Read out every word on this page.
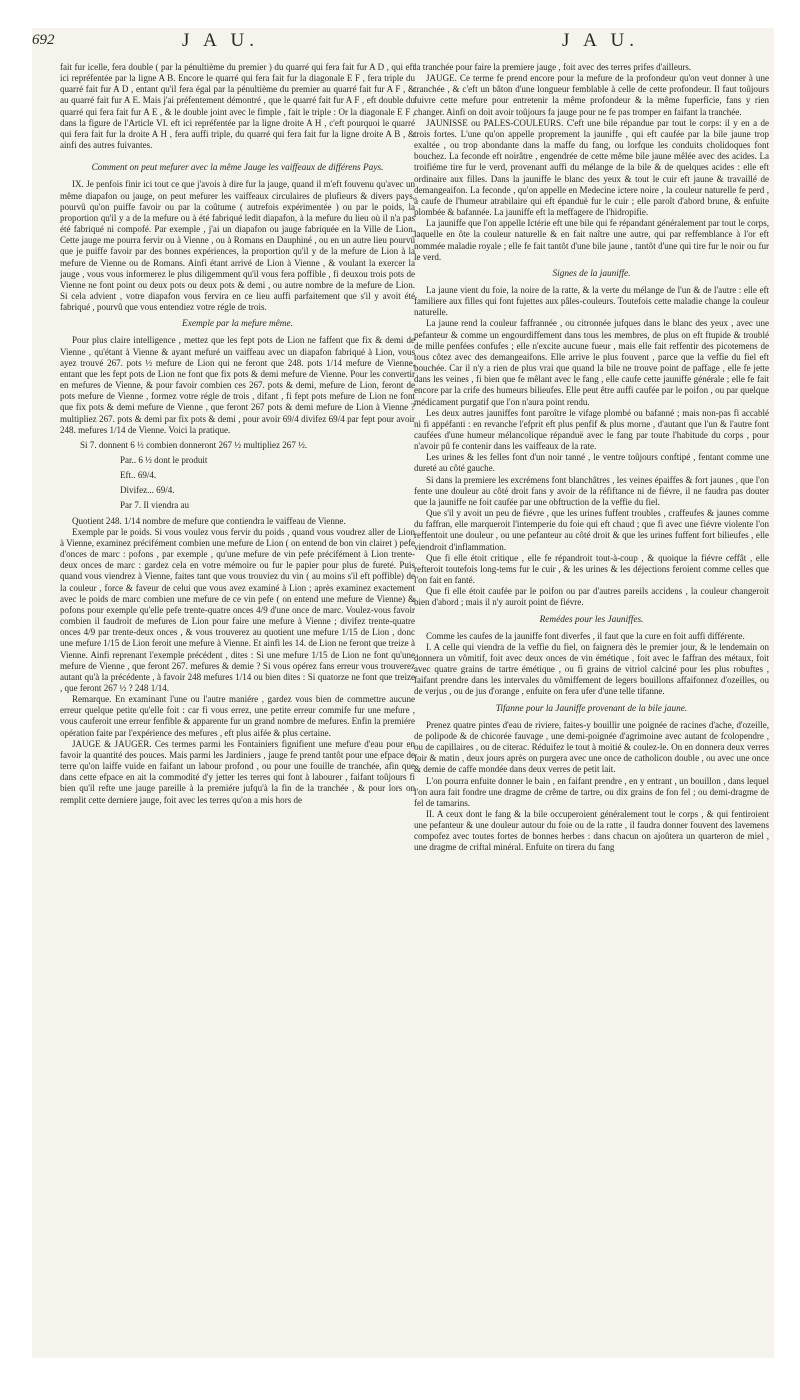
692	J A U.	J A U.

fait fur icelle, fera double ( par la pénultième du premier ) du quarré qui fera fait fur A D , qui eft ici repréfentée par la ligne A B. Encore le quarré qui fera fait fur la diagonale E F , fera triple du quarré fait fur A D , entant qu'il fera égal par la pénultième du premier au quarré fait fur A F , & au quarré fait fur A E. Mais j'ai préfentement démontré , que le quarré fait fur A F , eft double du quarré qui fera fait fur A E , & le double joint avec le fimple , fait le triple : Or la diagonale E F , dans la figure de l'Article VI. eft ici repréfentée par la ligne droite A H , c'eft pourquoi le quarré qui fera fait fur la droite A H , fera auffi triple, du quarré qui fera fait fur la ligne droite A B , & ainfi des autres fuivantes.

Comment on peut mefurer avec la même Jauge les vaiffeaux de différens Pays.

IX. Je penfois finir ici tout ce que j'avois à dire fur la jauge, quand il m'eft fouvenu qu'avec un même diapafon ou jauge, on peut mefurer les vaiffeaux circulaires de plufieurs & divers pays, pourvû qu'on puiffe favoir ou par la coûtume ( autrefois expérimentée ) ou par le poids, la proportion qu'il y a de la mefure ou à été fabriqué ledit diapafon, à la mefure du lieu où il n'a pas été fabriqué ni compofé. Par exemple , j'ai un diapafon ou jauge fabriquée en la Ville de Lion. Cette jauge me pourra fervir ou à Vienne , ou à Romans en Dauphiné , ou en un autre lieu pourvû que je puiffe favoir par des bonnes expériences, la proportion qu'il y de la mefure de Lion à la mefure de Vienne ou de Romans. Ainfi étant arrivé de Lion à Vienne , & voulant la exercer la jauge , vous vous informerez le plus diligemment qu'il vous fera poffible , fi deuxou trois pots de Vienne ne font point ou deux pots ou deux pots & demi , ou autre nombre de la mefure de Lion. Si cela advient , votre diapafon vous fervira en ce lieu auffi parfaitement que s'il y avoit été fabriqué , pourvû que vous entendiez votre régle de trois.

Exemple par la mefure même.

Pour plus claire intelligence , mettez que les fept pots de Lion ne faffent que fix & demi de Vienne , qu'étant à Vienne & ayant mefuré un vaiffeau avec un diapafon fabriqué à Lion, vous ayez trouvé 267. pots ½ mefure de Lion qui ne feront que 248. pots 1/14 mefure de Vienne, entant que les fept pots de Lion ne font que fix pots & demi mefure de Vienne. Pour les convertir en mefures de Vienne, & pour favoir combien ces 267. pots & demi, mefure de Lion, feront de pots mefure de Vienne , formez votre régle de trois , difant , fi fept pots mefure de Lion ne font que fix pots & demi mefure de Vienne , que feront 267 pots & demi mefure de Lion à Vienne ? multipliez 267. pots & demi par fix pots & demi , pour avoir 69/4 divifez 69/4 par fept pour avoir 248. mefures 1/14 de Vienne. Voici la pratique.

Si 7. donnent 6 ½ combien donneront 267 ½ multipliez 267 ½.

Par.. 6 ½ dont le produit

Eft.. 69/4.

Divifez... 69/4.

Par 7. Il viendra au

Quotient 248. 1/14 nombre de mefure que contiendra le vaiffeau de Vienne.

Exemple par le poids. Si vous voulez vous fervir du poids , quand vous voudrez aller de Lion à Vienne, examinez précifément combien une mefure de Lion ( on entend de bon vin clairet ) pefe d'onces de marc : pofons , par exemple , qu'une mefure de vin pefe précifément à Lion trente-deux onces de marc : gardez cela en votre mémoire ou fur le papier pour plus de fureté. Puis quand vous viendrez à Vienne, faites tant que vous trouviez du vin ( au moins s'il eft poffible) de la couleur , force & faveur de celui que vous avez examiné à Lion ; après examinez exactement avec le poids de marc combien une mefure de ce vin pefe ( on entend une mefure de Vienne) & pofons pour exemple qu'elle pefe trente-quatre onces 4/9 d'une once de marc. Voulez-vous favoir combien il faudroit de mefures de Lion pour faire une mefure à Vienne ; divifez trente-quatre onces 4/9 par trente-deux onces , & vous trouverez au quotient une mefure 1/15 de Lion , donc une mefure 1/15 de Lion feroit une mefure à Vienne. Et ainfi les 14. de Lion ne feront que treize à Vienne. Ainfi reprenant l'exemple précédent , dites : Si une mefure 1/15 de Lion ne font qu'une mefure de Vienne , que feront 267. mefures & demie ? Si vous opérez fans erreur vous trouverez autant qu'à la précédente , à favoir 248 mefures 1/14 ou bien dites : Si quatorze ne font que treize , que feront 267 ½ ? 248 1/14.

Remarque. En examinant l'une ou l'autre maniére , gardez vous bien de commettre aucune erreur quelque petite qu'elle foit : car fi vous errez, une petite erreur commife fur une mefure , vous cauferoit une erreur fenfible & apparente fur un grand nombre de mefures. Enfin la premiére opération faite par l'expérience des mefures , eft plus aifée & plus certaine.

JAUGE & JAUGER. Ces termes parmi les Fontainiers fignifient une mefure d'eau pour en favoir la quantité des pouces. Mais parmi les Jardiniers , jauge fe prend tantôt pour une efpace de terre qu'on laiffe vuide en faifant un labour profond , ou pour une fouille de tranchée, afin que dans cette efpace en ait la commodité d'y jetter les terres qui font à labourer , faifant toûjours fi bien qu'il refte une jauge pareille à la premiére jufqu'à la fin de la tranchée , & pour lors on remplit cette derniere jauge, foit avec les terres qu'on a mis hors de

la tranchée pour faire la premiere jauge , foit avec des terres prifes d'ailleurs.

JAUGE. Ce terme fe prend encore pour la mefure de la profondeur qu'on veut donner à une tranchée , & c'eft un bâton d'une longueur femblable à celle de cette profondeur. Il faut toûjours fuivre cette mefure pour entretenir la même profondeur & la même fuperficie, fans y rien changer. Ainfi on doit avoir toûjours fa jauge pour ne fe pas tromper en faifant la tranchée.

JAUNISSE ou PALES-COULEURS. C'eft une bile répandue par tout le corps: il y en a de trois fortes. L'une qu'on appelle proprement la jauniffe , qui eft caufée par la bile jaune trop exaltée , ou trop abondante dans la maffe du fang, ou lorfque les conduits cholidoques font bouchez. La feconde eft noirâtre , engendrée de cette même bile jaune mêlée avec des acides. La troifiéme tire fur le verd, provenant auffi du mélange de la bile & de quelques acides : elle eft ordinaire aux filles. Dans la jauniffe le blanc des yeux & tout le cuir eft jaune & travaillé de demangeaifon. La feconde , qu'on appelle en Medecine ictere noire , la couleur naturelle fe perd , à caufe de l'humeur atrabilaire qui eft épanduë fur le cuir ; elle paroît d'abord brune, & enfuite plombée & bafannée. La jauniffe eft la meffagere de l'hidropifie.

La jauniffe que l'on appelle Ictérie eft une bile qui fe répandant généralement par tout le corps, laquelle en ôte la couleur naturelle & en fait naître une autre, qui par reffemblance à l'or eft nommée maladie royale ; elle fe fait tantôt d'une bile jaune , tantôt d'une qui tire fur le noir ou fur le verd.

Signes de la jauniffe.

La jaune vient du foie, la noire de la ratte, & la verte du mélange de l'un & de l'autre : elle eft familiere aux filles qui font fujettes aux pâles-couleurs. Toutefois cette maladie change la couleur naturelle.

La jaune rend la couleur faffrannée , ou citronnée jufques dans le blanc des yeux , avec une pefanteur & comme un engourdiffement dans tous les membres, de plus on eft ftupide & troublé de mille penfées confufes ; elle n'excite aucune fueur , mais elle fait reffentir des picotemens de tous côtez avec des demangeaifons. Elle arrive le plus fouvent , parce que la veffie du fiel eft bouchée. Car il n'y a rien de plus vrai que quand la bile ne trouve point de paffage , elle fe jette dans les veines , fi bien que fe mêlant avec le fang , elle caufe cette jauniffe générale ; elle fe fait encore par la crife des humeurs bilieufes. Elle peut être auffi caufée par le poifon , ou par quelque médicament purgatif que l'on n'aura point rendu.

Les deux autres jauniffes font paroître le vifage plombé ou bafanné ; mais non-pas fi accablé ni fi appéfanti : en revanche l'efprit eft plus penfif & plus morne , d'autant que l'un & l'autre font caufées d'une humeur mélancolique répanduë avec le fang par toute l'habitude du corps , pour n'avoir pû fe contenir dans les vaiffeaux de la rate.

Les urines & les felles font d'un noir tanné , le ventre toûjours conftipé , fentant comme une dureté au côté gauche.

Si dans la premiere les excrémens font blanchâtres , les veines épaiffes & fort jaunes , que l'on fente une douleur au côté droit fans y avoir de la réfiftance ni de fiévre, il ne faudra pas douter que la jauniffe ne foit caufée par une obftruction de la veffie du fiel.

Que s'il y avoit un peu de fiévre , que les urines fuffent troubles , craffeufes & jaunes comme du faffran, elle marqueroit l'intemperie du foie qui eft chaud ; que fi avec une fiévre violente l'on reffentoit une douleur , ou une pefanteur au côté droit & que les urines fuffent fort bilieufes , elle viendroit d'inflammation.

Que fi elle étoit critique , elle fe répandroit tout-à-coup , & quoique la fiévre ceffât , elle refteroit toutefois long-tems fur le cuir , & les urines & les déjections feroient comme celles que l'on fait en fanté.

Que fi elle étoit caufée par le poifon ou par d'autres pareils accidens , la couleur changeroit bien d'abord ; mais il n'y auroit point de fiévre.

Remédes pour les Jauniffes.

Comme les caufes de la jauniffe font diverfes , il faut que la cure en foit auffi différente.

I. A celle qui viendra de la veffie du fiel, on faignera dès le premier jour, & le lendemain on donnera un vômitif, foit avec deux onces de vin émétique , foit avec le faffran des métaux, foit avec quatre grains de tartre émétique , ou fi grains de vitriol calciné pour les plus robuftes , faifant prendre dans les intervales du vômiffement de legers bouillons affaifonnez d'ozeilles, ou de verjus , ou de jus d'orange , enfuite on fera ufer d'une telle tifanne.

Tifanne pour la Jauniffe provenant de la bile jaune.

Prenez quatre pintes d'eau de riviere, faites-y bouillir une poignée de racines d'ache, d'ozeille, de polipode & de chicorée fauvage , une demi-poignée d'agrimoine avec autant de fcolopendre , ou de capillaires , ou de citerac. Réduifez le tout à moitié & coulez-le. On en donnera deux verres foir & matin , deux jours après on purgera avec une once de catholicon double , ou avec une once & demie de caffe mondée dans deux verres de petit lait.

L'on pourra enfuite donner le bain , en faifant prendre , en y entrant , un bouillon , dans lequel l'on aura fait fondre une dragme de crême de tartre, ou dix grains de fon fel ; ou demi-dragme de fel de tamarins.

II. A ceux dont le fang & la bile occuperoient généralement tout le corps , & qui fentiroient une pefanteur & une douleur autour du foie ou de la ratte , il faudra donner fouvent des lavemens compofez avec toutes fortes de bonnes herbes : dans chacun on ajoûtera un quarteron de miel , une dragme de criftal minéral. Enfuite on tirera du fang
